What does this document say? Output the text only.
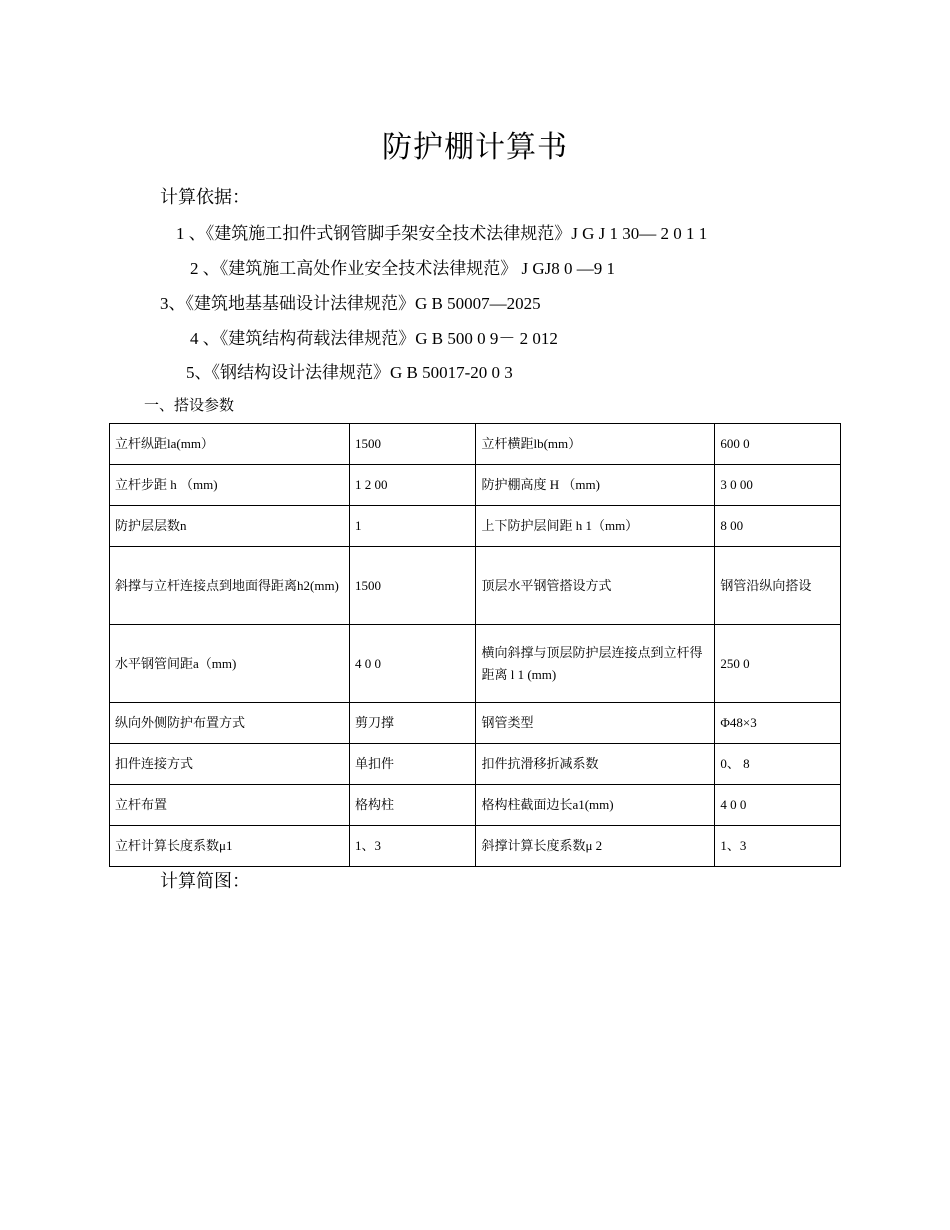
防护棚计算书
计算依据：
1 、《建筑施工扣件式钢管脚手架安全技术法律规范》J G J 1 30— 2 0 1 1
2 、《建筑施工高处作业安全技术法律规范》 J GJ8 0 —9 1
3、《建筑地基基础设计法律规范》G B 50007—2025
4 、《建筑结构荷载法律规范》G B 500 0 9－ 2 012
5、《钢结构设计法律规范》G B 50017-20 0 3
一、搭设参数
立杆纵距la(mm）	1500	立杆横距lb(mm）	600 0
立杆步距 h （mm)	1 2 00	防护棚高度 H （mm)	3 0 00
防护层层数n	1	上下防护层间距 h 1（mm）	8 00
斜撑与立杆连接点到地面得距离h2(mm)	1500	顶层水平钢管搭设方式	钢管沿纵向搭设
水平钢管间距a（mm)	4 0 0	横向斜撑与顶层防护层连接点到立杆得距离 l 1 (mm)	250 0
纵向外侧防护布置方式	剪刀撑	钢管类型	Φ48×3
扣件连接方式	单扣件	扣件抗滑移折减系数	0、 8
立杆布置	格构柱	格构柱截面边长a1(mm)	4 0 0
立杆计算长度系数μ1	1、3	斜撑计算长度系数μ 2	1、3
计算简图：
